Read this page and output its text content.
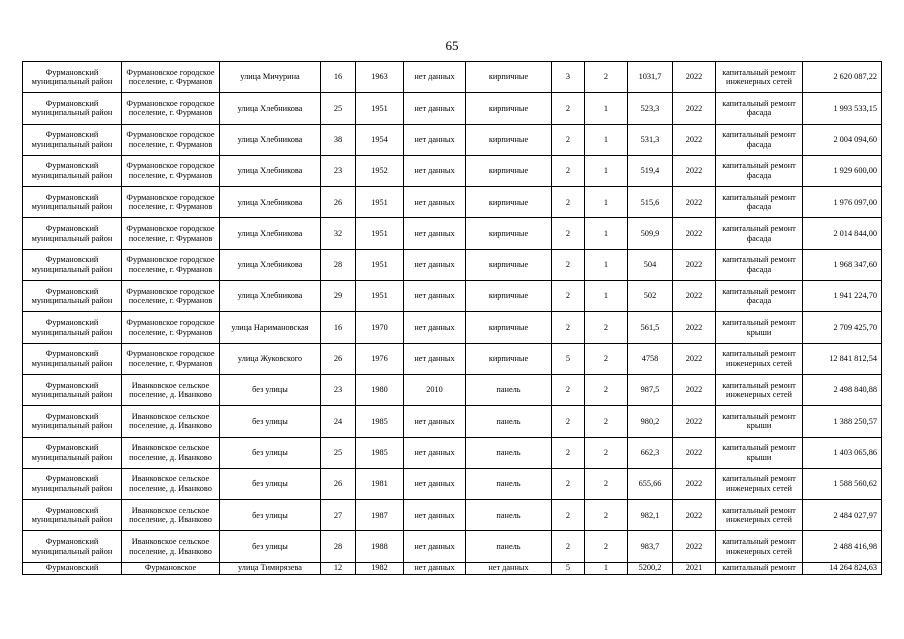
65
Фурмановский муниципальный район	Фурмановское городское поселение, г. Фурманов	улица Мичурина	16	1963	нет данных	кирпичные	3	2	1031,7	2022	капитальный ремонт инженерных сетей	2 620 087,22
Фурмановский муниципальный район	Фурмановское городское поселение, г. Фурманов	улица Хлебникова	25	1951	нет данных	кирпичные	2	1	523,3	2022	капитальный ремонт фасада	1 993 533,15
Фурмановский муниципальный район	Фурмановское городское поселение, г. Фурманов	улица Хлебникова	38	1954	нет данных	кирпичные	2	1	531,3	2022	капитальный ремонт фасада	2 004 094,60
Фурмановский муниципальный район	Фурмановское городское поселение, г. Фурманов	улица Хлебникова	23	1952	нет данных	кирпичные	2	1	519,4	2022	капитальный ремонт фасада	1 929 600,00
Фурмановский муниципальный район	Фурмановское городское поселение, г. Фурманов	улица Хлебникова	26	1951	нет данных	кирпичные	2	1	515,6	2022	капитальный ремонт фасада	1 976 097,00
Фурмановский муниципальный район	Фурмановское городское поселение, г. Фурманов	улица Хлебникова	32	1951	нет данных	кирпичные	2	1	509,9	2022	капитальный ремонт фасада	2 014 844,00
Фурмановский муниципальный район	Фурмановское городское поселение, г. Фурманов	улица Хлебникова	28	1951	нет данных	кирпичные	2	1	504	2022	капитальный ремонт фасада	1 968 347,60
Фурмановский муниципальный район	Фурмановское городское поселение, г. Фурманов	улица Хлебникова	29	1951	нет данных	кирпичные	2	1	502	2022	капитальный ремонт фасада	1 941 224,70
Фурмановский муниципальный район	Фурмановское городское поселение, г. Фурманов	улица Наримановская	16	1970	нет данных	кирпичные	2	2	561,5	2022	капитальный ремонт крыши	2 709 425,70
Фурмановский муниципальный район	Фурмановское городское поселение, г. Фурманов	улица Жуковского	26	1976	нет данных	кирпичные	5	2	4758	2022	капитальный ремонт инженерных сетей	12 841 812,54
Фурмановский муниципальный район	Иванковское сельское поселение, д. Иванково	без улицы	23	1980	2010	панель	2	2	987,5	2022	капитальный ремонт инженерных сетей	2 498 840,88
Фурмановский муниципальный район	Иванковское сельское поселение, д. Иванково	без улицы	24	1985	нет данных	панель	2	2	980,2	2022	капитальный ремонт крыши	1 388 250,57
Фурмановский муниципальный район	Иванковское сельское поселение, д. Иванково	без улицы	25	1985	нет данных	панель	2	2	662,3	2022	капитальный ремонт крыши	1 403 065,86
Фурмановский муниципальный район	Иванковское сельское поселение, д. Иванково	без улицы	26	1981	нет данных	панель	2	2	655,66	2022	капитальный ремонт инженерных сетей	1 588 560,62
Фурмановский муниципальный район	Иванковское сельское поселение, д. Иванково	без улицы	27	1987	нет данных	панель	2	2	982,1	2022	капитальный ремонт инженерных сетей	2 484 027,97
Фурмановский муниципальный район	Иванковское сельское поселение, д. Иванково	без улицы	28	1988	нет данных	панель	2	2	983,7	2022	капитальный ремонт инженерных сетей	2 488 416,98
Фурмановский	Фурмановское	улица Тимирязева	12	1982	нет данных	нет данных	5	1	5200,2	2021	капитальный ремонт	14 264 824,63
